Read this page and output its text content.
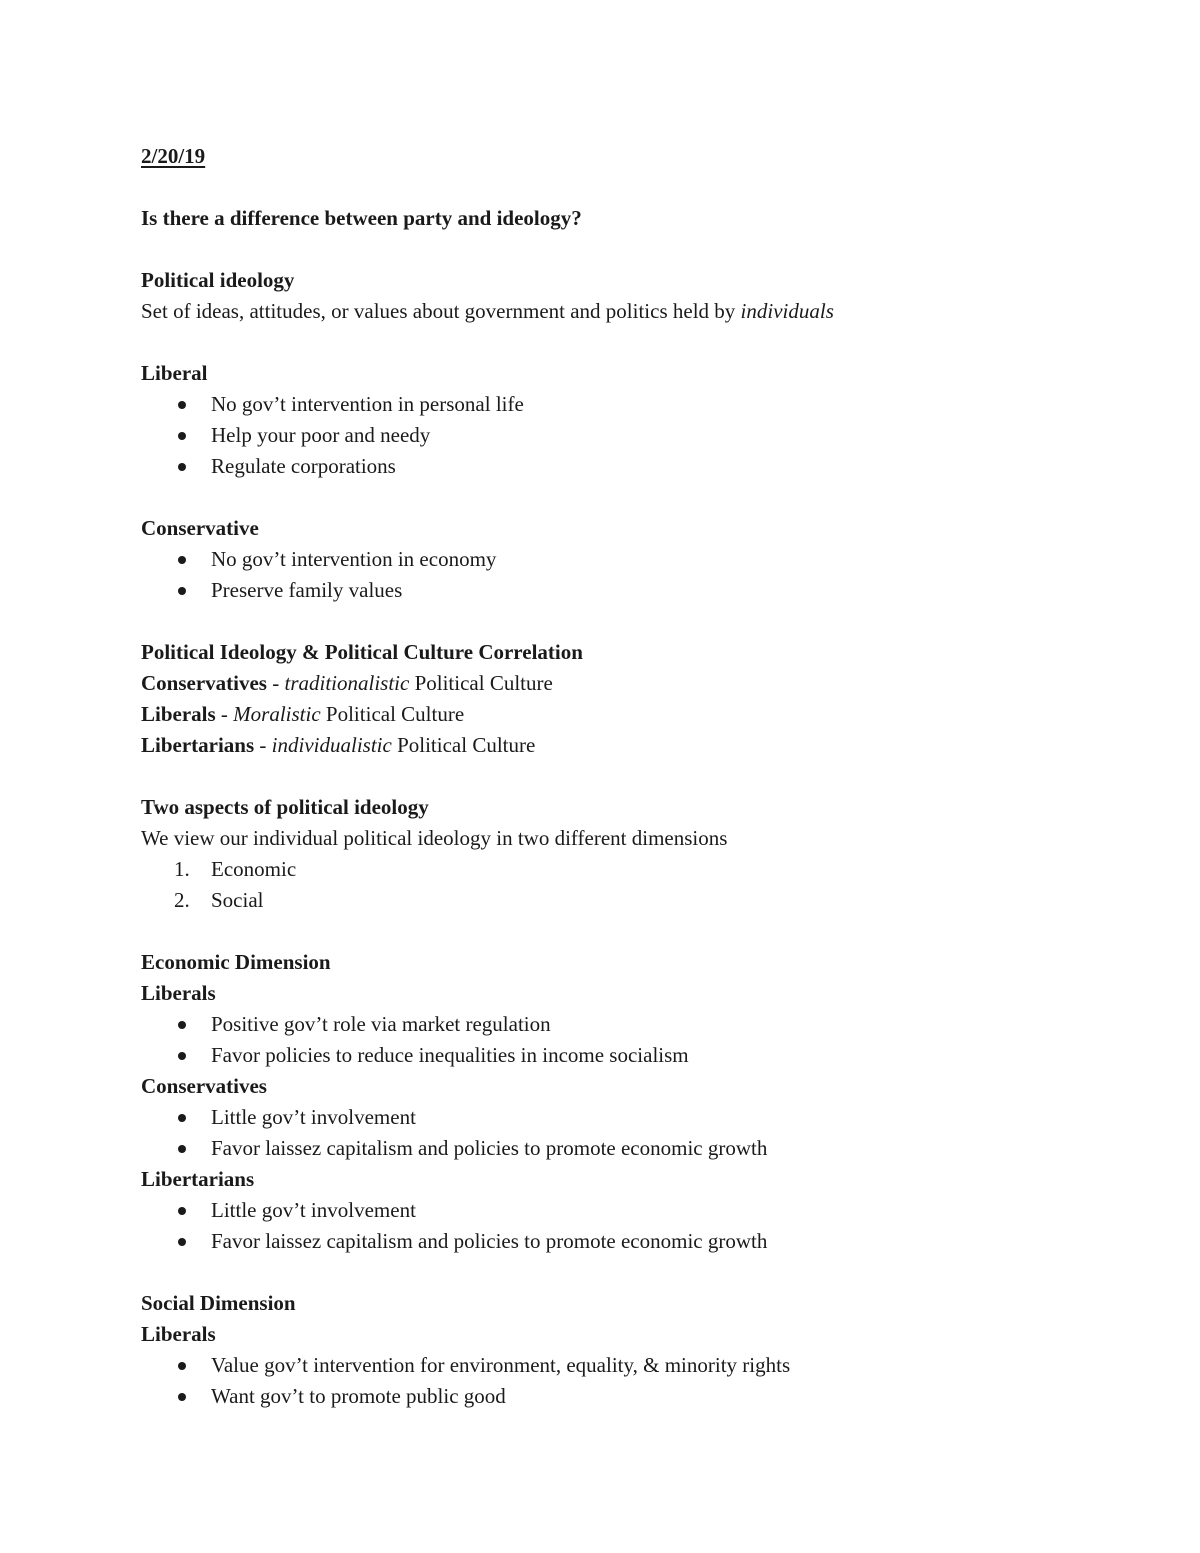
2/20/19
Is there a difference between party and ideology?
Political ideology
Set of ideas, attitudes, or values about government and politics held by individuals
Liberal
No gov’t intervention in personal life
Help your poor and needy
Regulate corporations
Conservative
No gov’t intervention in economy
Preserve family values
Political Ideology & Political Culture Correlation
Conservatives - traditionalistic Political Culture
Liberals - Moralistic Political Culture
Libertarians - individualistic Political Culture
Two aspects of political ideology
We view our individual political ideology in two different dimensions
1. Economic
2. Social
Economic Dimension
Liberals
Positive gov’t role via market regulation
Favor policies to reduce inequalities in income socialism
Conservatives
Little gov’t involvement
Favor laissez capitalism and policies to promote economic growth
Libertarians
Little gov’t involvement
Favor laissez capitalism and policies to promote economic growth
Social Dimension
Liberals
Value gov’t intervention for environment, equality, & minority rights
Want gov’t to promote public good
